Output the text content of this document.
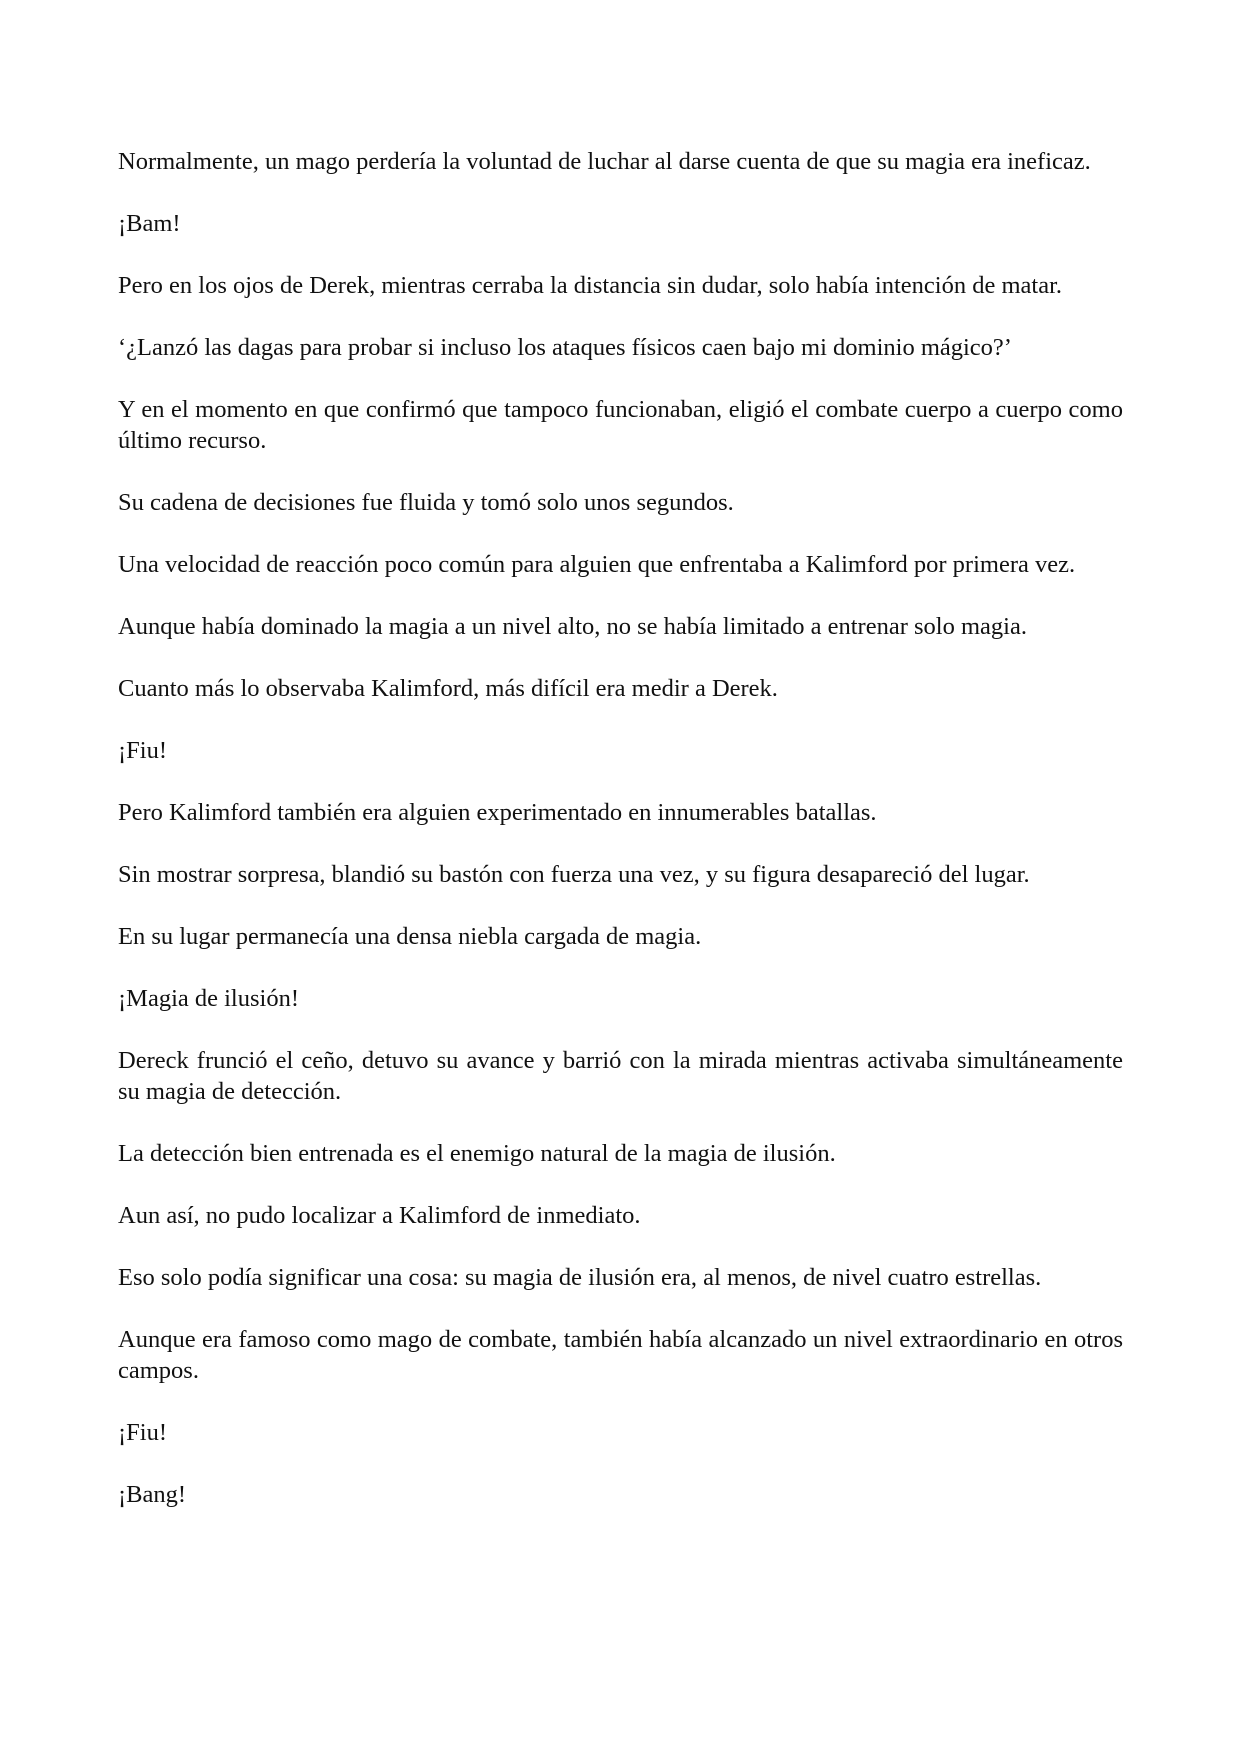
Normalmente, un mago perdería la voluntad de luchar al darse cuenta de que su magia era ineficaz.

¡Bam!

Pero en los ojos de Derek, mientras cerraba la distancia sin dudar, solo había intención de matar.

‘¿Lanzó las dagas para probar si incluso los ataques físicos caen bajo mi dominio mágico?’

Y en el momento en que confirmó que tampoco funcionaban, eligió el combate cuerpo a cuerpo como último recurso.

Su cadena de decisiones fue fluida y tomó solo unos segundos.

Una velocidad de reacción poco común para alguien que enfrentaba a Kalimford por primera vez.

Aunque había dominado la magia a un nivel alto, no se había limitado a entrenar solo magia.

Cuanto más lo observaba Kalimford, más difícil era medir a Derek.

¡Fiu!

Pero Kalimford también era alguien experimentado en innumerables batallas.

Sin mostrar sorpresa, blandió su bastón con fuerza una vez, y su figura desapareció del lugar.

En su lugar permanecía una densa niebla cargada de magia.

¡Magia de ilusión!

Dereck frunció el ceño, detuvo su avance y barrió con la mirada mientras activaba simultáneamente su magia de detección.

La detección bien entrenada es el enemigo natural de la magia de ilusión.

Aun así, no pudo localizar a Kalimford de inmediato.

Eso solo podía significar una cosa: su magia de ilusión era, al menos, de nivel cuatro estrellas.

Aunque era famoso como mago de combate, también había alcanzado un nivel extraordinario en otros campos.

¡Fiu!

¡Bang!
